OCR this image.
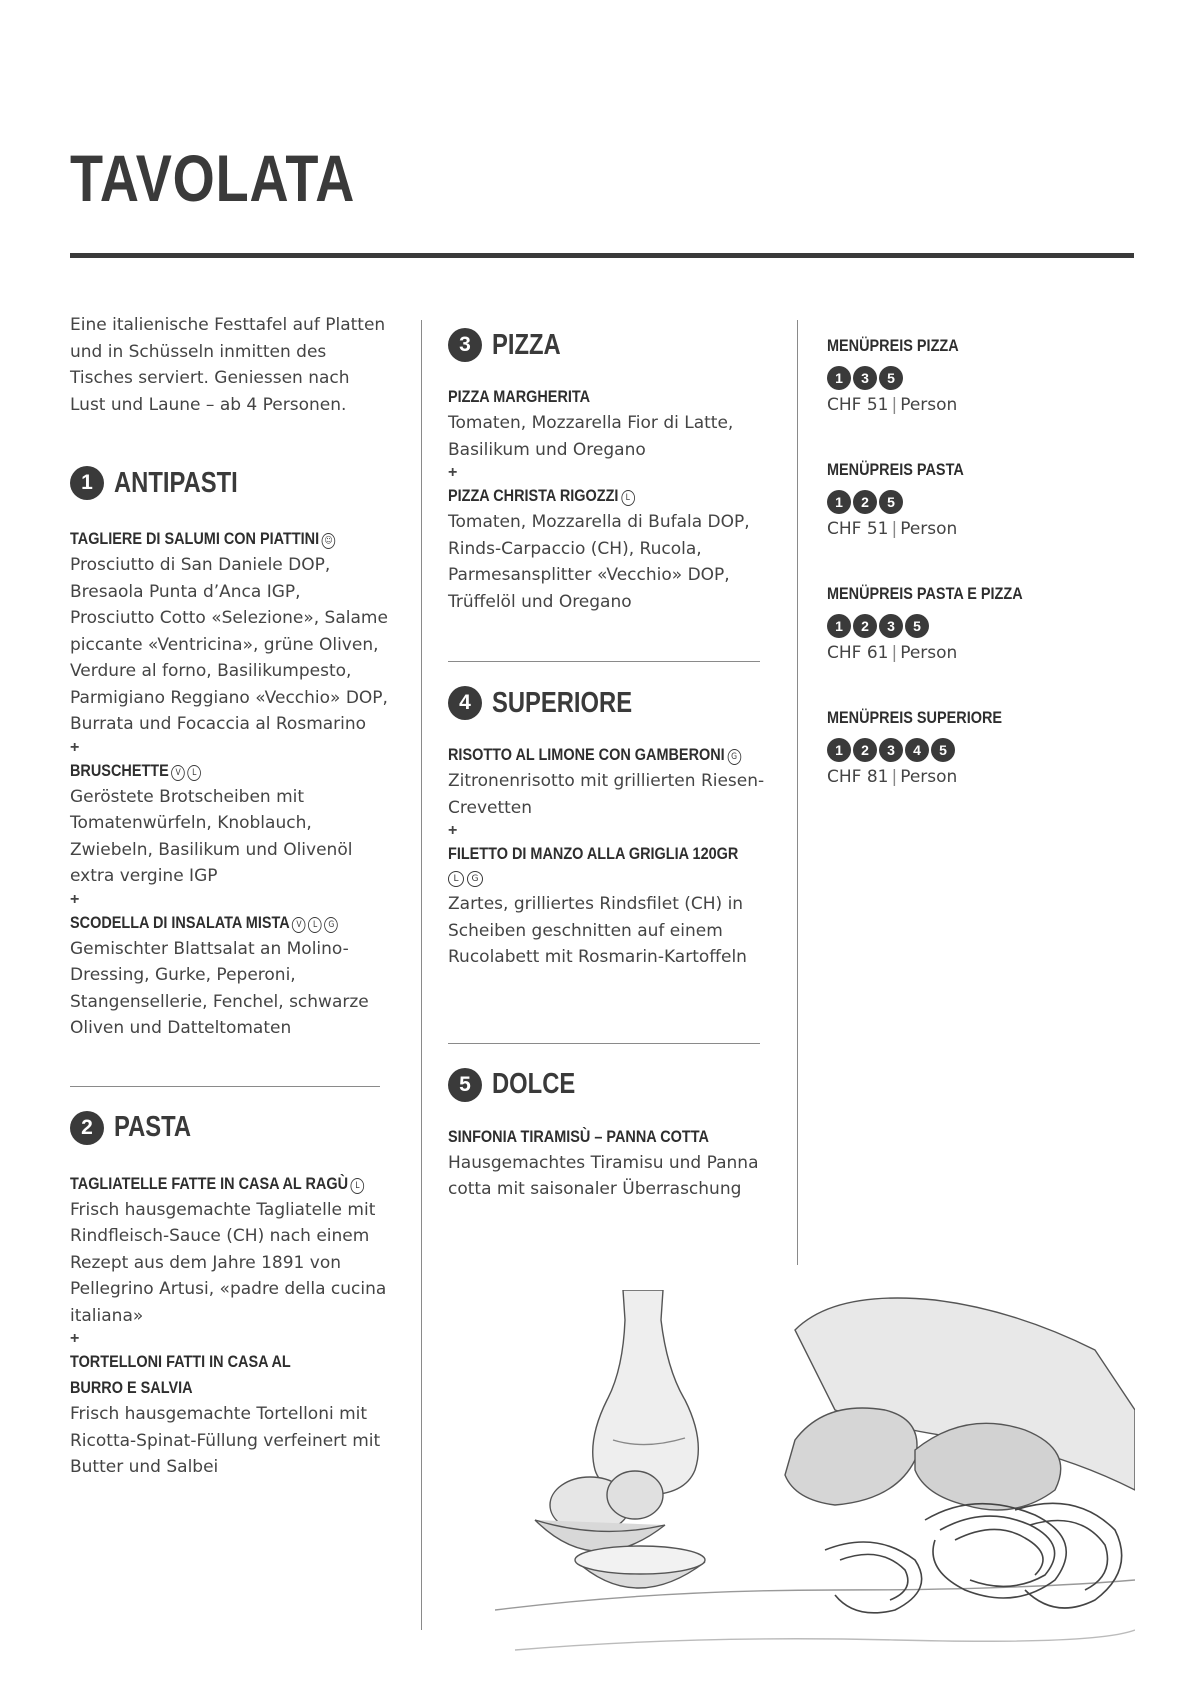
TAVOLATA

Eine italienische Festtafel auf Platten und in Schüsseln inmitten des Tisches serviert. Geniessen nach Lust und Laune – ab 4 Personen.

1 ANTIPASTI
TAGLIERE DI SALUMI CON PIATTINI ☺

Prosciutto di San Daniele DOP, Bresaola Punta d’Anca IGP, Prosciutto Cotto «Selezione», Salame piccante «Ventricina», grüne Oliven, Verdure al forno, Basilikumpesto, Parmigiano Reggiano «Vecchio» DOP, Burrata und Focaccia al Rosmarino

+
BRUSCHETTE V L

Geröstete Brotscheiben mit Tomatenwürfeln, Knoblauch, Zwiebeln, Basilikum und Olivenöl extra vergine IGP

+
SCODELLA DI INSALATA MISTA V L G

Gemischter Blattsalat an Molino-Dressing, Gurke, Peperoni, Stangensellerie, Fenchel, schwarze Oliven und Datteltomaten

2 PASTA
TAGLIATELLE FATTE IN CASA AL RAGÙ L

Frisch hausgemachte Tagliatelle mit Rindfleisch-Sauce (CH) nach einem Rezept aus dem Jahre 1891 von Pellegrino Artusi, «padre della cucina italiana»

+
TORTELLONI FATTI IN CASA AL BURRO E SALVIA

Frisch hausgemachte Tortelloni mit Ricotta-Spinat-Füllung verfeinert mit Butter und Salbei

3 PIZZA
PIZZA MARGHERITA

Tomaten, Mozzarella Fior di Latte, Basilikum und Oregano

+
PIZZA CHRISTA RIGOZZI L

Tomaten, Mozzarella di Bufala DOP, Rinds-Carpaccio (CH), Rucola, Parmesansplitter «Vecchio» DOP, Trüffelöl und Oregano

4 SUPERIORE
RISOTTO AL LIMONE CON GAMBERONI G

Zitronenrisotto mit grillierten Riesen-Crevetten

+
FILETTO DI MANZO ALLA GRIGLIA 120GR
L G

Zartes, grilliertes Rindsfilet (CH) in Scheiben geschnitten auf einem Rucolabett mit Rosmarin-Kartoffeln

5 DOLCE
SINFONIA TIRAMISÙ – PANNA COTTA

Hausgemachtes Tiramisu und Panna cotta mit saisonaler Überraschung

MENÜPREIS PIZZA
1	3	5
CHF 51 | Person
MENÜPREIS PASTA
1	2	5
CHF 51 | Person
MENÜPREIS PASTA E PIZZA
1	2	3	5
CHF 61 | Person
MENÜPREIS SUPERIORE
1	2	3	4	5
CHF 81 | Person
